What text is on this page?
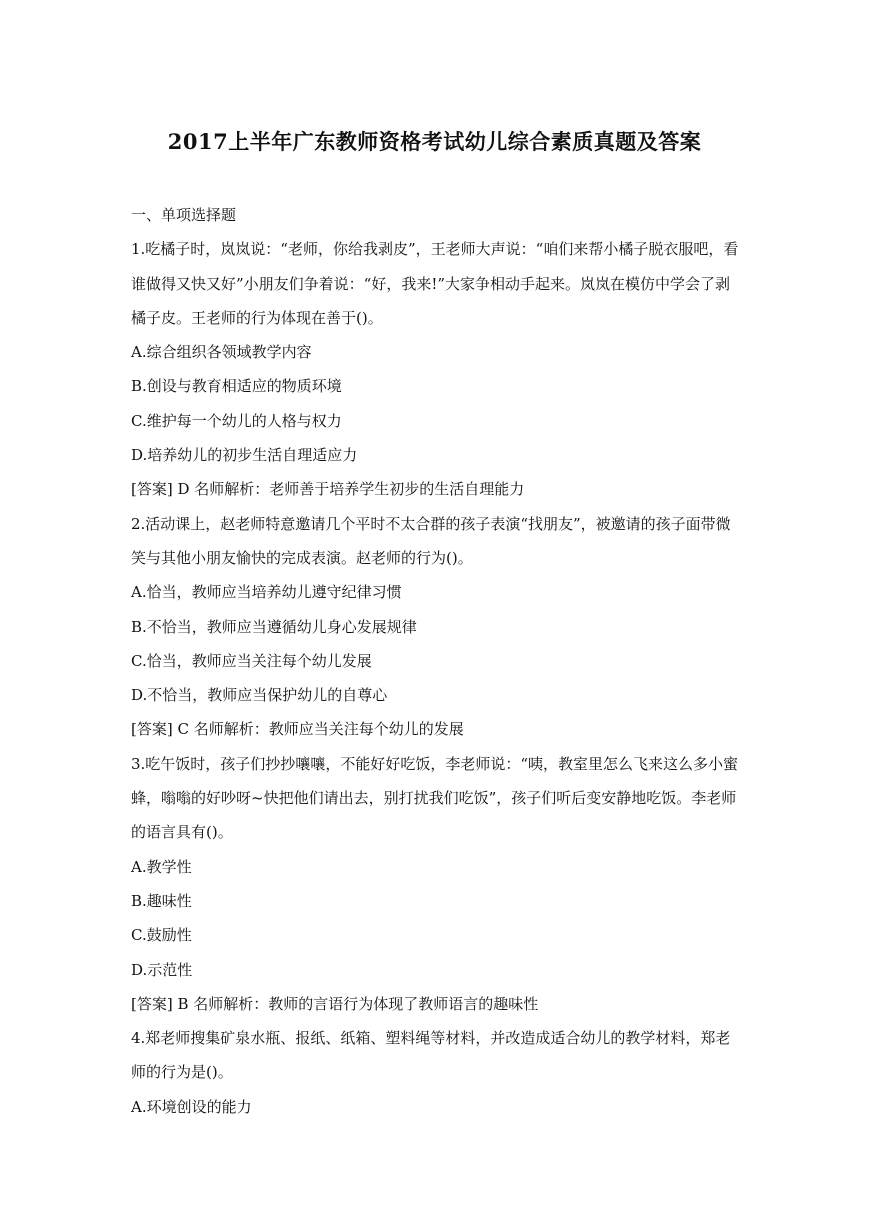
2017上半年广东教师资格考试幼儿综合素质真题及答案

一、单项选择题

1.吃橘子时，岚岚说：“老师，你给我剥皮”，王老师大声说：“咱们来帮小橘子脱衣服吧，看谁做得又快又好”小朋友们争着说：“好，我来!”大家争相动手起来。岚岚在模仿中学会了剥橘子皮。王老师的行为体现在善于()。

A.综合组织各领域教学内容

B.创设与教育相适应的物质环境

C.维护每一个幼儿的人格与权力

D.培养幼儿的初步生活自理适应力

[答案] D 名师解析：老师善于培养学生初步的生活自理能力

2.活动课上，赵老师特意邀请几个平时不太合群的孩子表演“找朋友”，被邀请的孩子面带微笑与其他小朋友愉快的完成表演。赵老师的行为()。

A.恰当，教师应当培养幼儿遵守纪律习惯

B.不恰当，教师应当遵循幼儿身心发展规律

C.恰当，教师应当关注每个幼儿发展

D.不恰当，教师应当保护幼儿的自尊心

[答案] C 名师解析：教师应当关注每个幼儿的发展

3.吃午饭时，孩子们抄抄嚷嚷，不能好好吃饭，李老师说：“咦，教室里怎么飞来这么多小蜜蜂，嗡嗡的好吵呀~快把他们请出去，别打扰我们吃饭”，孩子们听后变安静地吃饭。李老师的语言具有()。

A.教学性

B.趣味性

C.鼓励性

D.示范性

[答案] B 名师解析：教师的言语行为体现了教师语言的趣味性

4.郑老师搜集矿泉水瓶、报纸、纸箱、塑料绳等材料，并改造成适合幼儿的教学材料，郑老师的行为是()。

A.环境创设的能力
